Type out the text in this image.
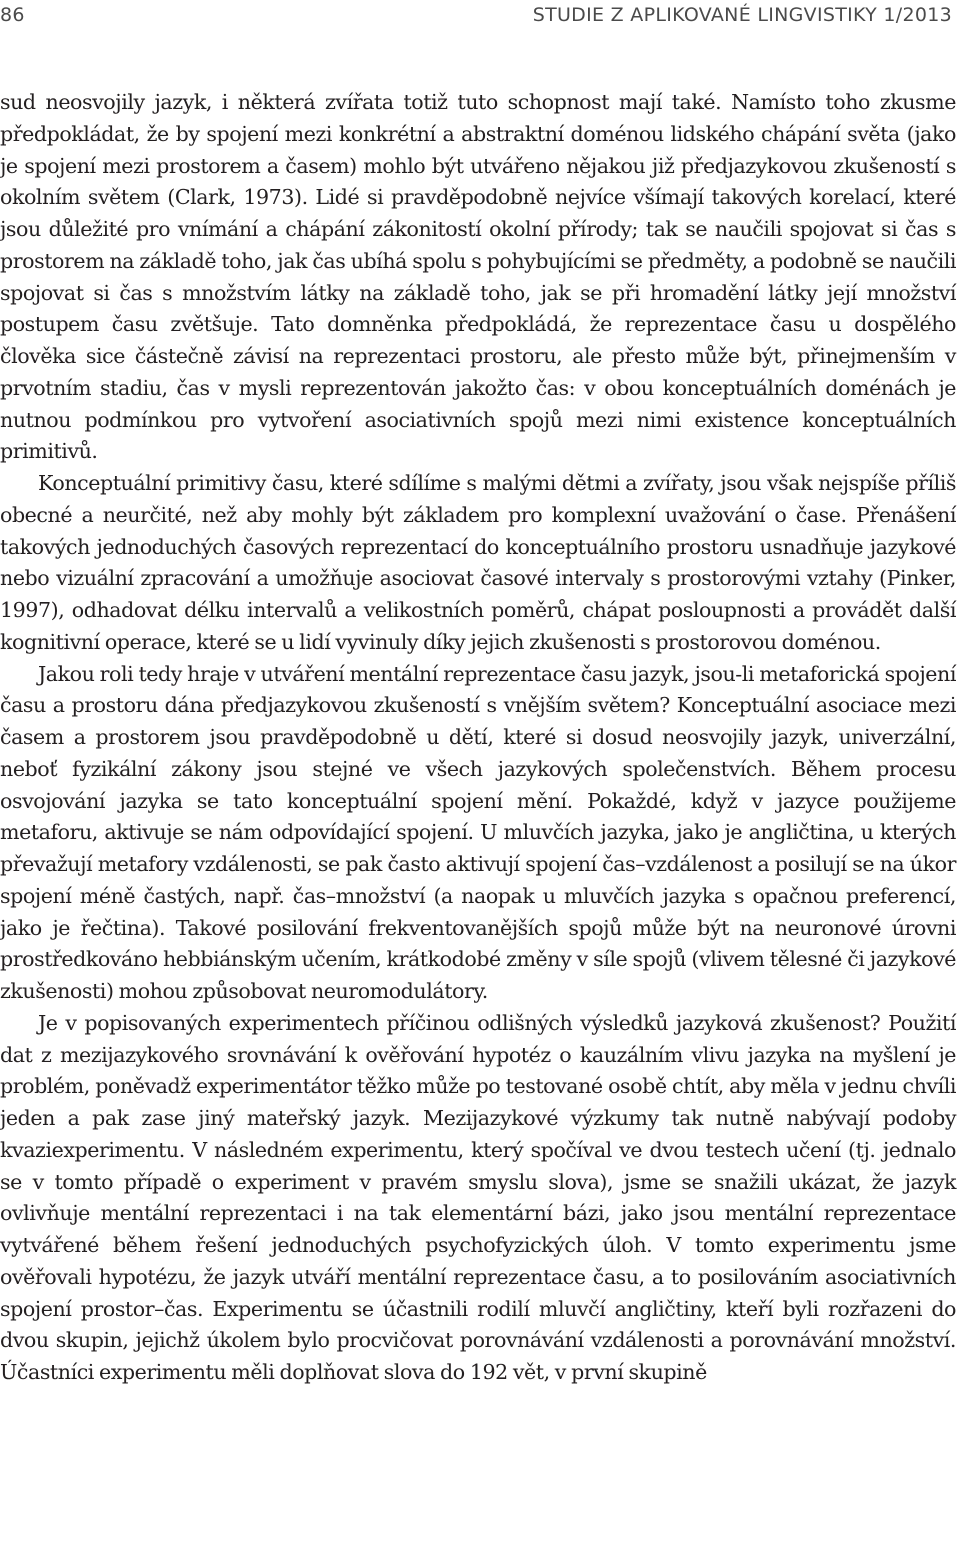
86	STUDIE Z APLIKOVANÉ LINGVISTIKY 1/2013

sud neosvojily jazyk, i některá zvířata totiž tuto schopnost mají také. Namísto toho zkusme předpokládat, že by spojení mezi konkrétní a abstraktní doménou lidského chápání světa (jako je spojení mezi prostorem a časem) mohlo být utvářeno nějakou již předjazykovou zkušeností s okolním světem (Clark, 1973). Lidé si pravděpodobně nejvíce všímají takových korelací, které jsou důležité pro vnímání a chápání zákonitostí okolní přírody; tak se naučili spojovat si čas s prostorem na základě toho, jak čas ubíhá spolu s pohybujícími se předměty, a podobně se naučili spojovat si čas s množstvím látky na základě toho, jak se při hromadění látky její množství postupem času zvětšuje. Tato domněnka předpokládá, že reprezentace času u dospělého člověka sice částečně závisí na reprezentaci prostoru, ale přesto může být, přinejmenším v prvotním stadiu, čas v mysli reprezentován jakožto čas: v obou konceptuálních doménách je nutnou podmínkou pro vytvoření asociativních spojů mezi nimi existence konceptuálních primitivů.

Konceptuální primitivy času, které sdílíme s malými dětmi a zvířaty, jsou však nejspíše příliš obecné a neurčité, než aby mohly být základem pro komplexní uvažování o čase. Přenášení takových jednoduchých časových reprezentací do konceptuálního prostoru usnadňuje jazykové nebo vizuální zpracování a umožňuje asociovat časové intervaly s prostorovými vztahy (Pinker, 1997), odhadovat délku intervalů a velikostních poměrů, chápat posloupnosti a provádět další kognitivní operace, které se u lidí vyvinuly díky jejich zkušenosti s prostorovou doménou.

Jakou roli tedy hraje v utváření mentální reprezentace času jazyk, jsou-li metaforická spojení času a prostoru dána předjazykovou zkušeností s vnějším světem? Konceptuální asociace mezi časem a prostorem jsou pravděpodobně u dětí, které si dosud neosvojily jazyk, univerzální, neboť fyzikální zákony jsou stejné ve všech jazykových společenstvích. Během procesu osvojování jazyka se tato konceptuální spojení mění. Pokaždé, když v jazyce použijeme metaforu, aktivuje se nám odpovídající spojení. U mluvčích jazyka, jako je angličtina, u kterých převažují metafory vzdálenosti, se pak často aktivují spojení čas–vzdálenost a posilují se na úkor spojení méně častých, např. čas–množství (a naopak u mluvčích jazyka s opačnou preferencí, jako je řečtina). Takové posilování frekventovanějších spojů může být na neuronové úrovni prostředkováno hebbiánským učením, krátkodobé změny v síle spojů (vlivem tělesné či jazykové zkušenosti) mohou způsobovat neuromodulátory.

Je v popisovaných experimentech příčinou odlišných výsledků jazyková zkušenost? Použití dat z mezijazykového srovnávání k ověřování hypotéz o kauzálním vlivu jazyka na myšlení je problém, poněvadž experimentátor těžko může po testované osobě chtít, aby měla v jednu chvíli jeden a pak zase jiný mateřský jazyk. Mezijazykové výzkumy tak nutně nabývají podoby kvaziexperimentu. V následném experimentu, který spočíval ve dvou testech učení (tj. jednalo se v tomto případě o experiment v pravém smyslu slova), jsme se snažili ukázat, že jazyk ovlivňuje mentální reprezentaci i na tak elementární bázi, jako jsou mentální reprezentace vytvářené během řešení jednoduchých psychofyzických úloh. V tomto experimentu jsme ověřovali hypotézu, že jazyk utváří mentální reprezentace času, a to posilováním asociativních spojení prostor–čas. Experimentu se účastnili rodilí mluvčí angličtiny, kteří byli rozřazeni do dvou skupin, jejichž úkolem bylo procvičovat porovnávání vzdálenosti a porovnávání množství. Účastníci experimentu měli doplňovat slova do 192 vět, v první skupině
